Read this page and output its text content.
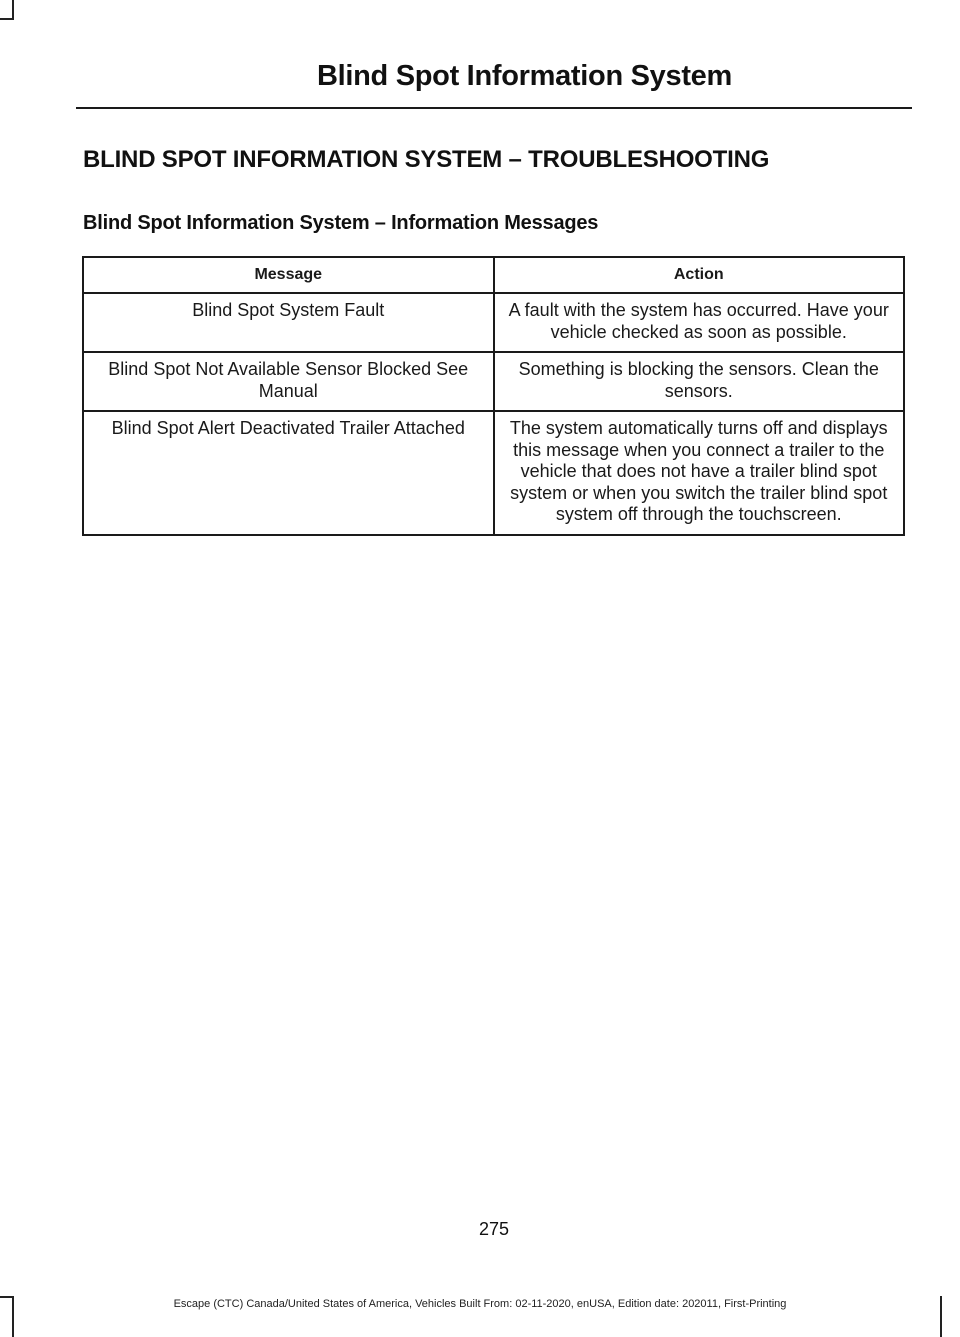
Blind Spot Information System
BLIND SPOT INFORMATION SYSTEM – TROUBLESHOOTING
Blind Spot Information System – Information Messages
Message	Action
Blind Spot System Fault	A fault with the system has occurred. Have your vehicle checked as soon as possible.
Blind Spot Not Available Sensor Blocked See Manual	Something is blocking the sensors. Clean the sensors.
Blind Spot Alert Deactivated Trailer Attached	The system automatically turns off and displays this message when you connect a trailer to the vehicle that does not have a trailer blind spot system or when you switch the trailer blind spot system off through the touchscreen.
275
Escape (CTC) Canada/United States of America, Vehicles Built From: 02-11-2020, enUSA, Edition date: 202011, First-Printing
